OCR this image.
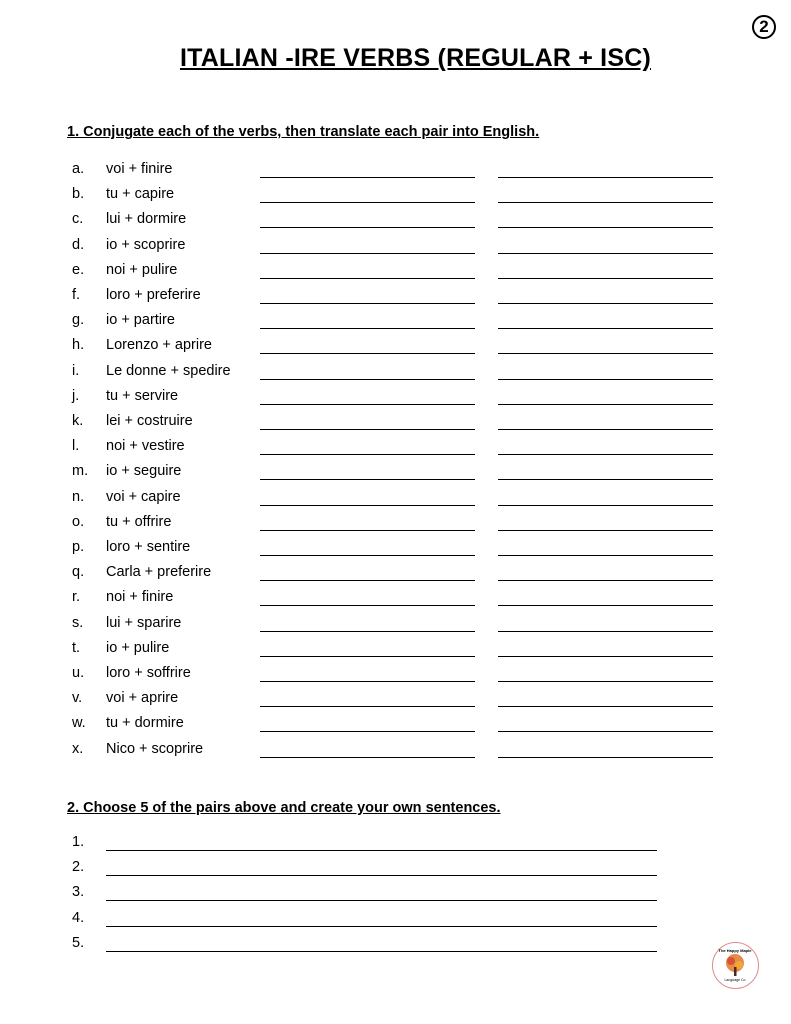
2
ITALIAN -IRE VERBS (REGULAR + ISC)
1. Conjugate each of the verbs, then translate each pair into English.
a. voi + finire
b. tu + capire
c. lui + dormire
d. io + scoprire
e. noi + pulire
f. loro + preferire
g. io + partire
h. Lorenzo + aprire
i. Le donne + spedire
j. tu + servire
k. lei + costruire
l. noi + vestire
m. io + seguire
n. voi + capire
o. tu + offrire
p. loro + sentire
q. Carla + preferire
r. noi + finire
s. lui + sparire
t. io + pulire
u. loro + soffrire
v. voi + aprire
w. tu + dormire
x. Nico + scoprire
2. Choose 5 of the pairs above and create your own sentences.
1.
2.
3.
4.
5.	The Happy Maple
Language Co
